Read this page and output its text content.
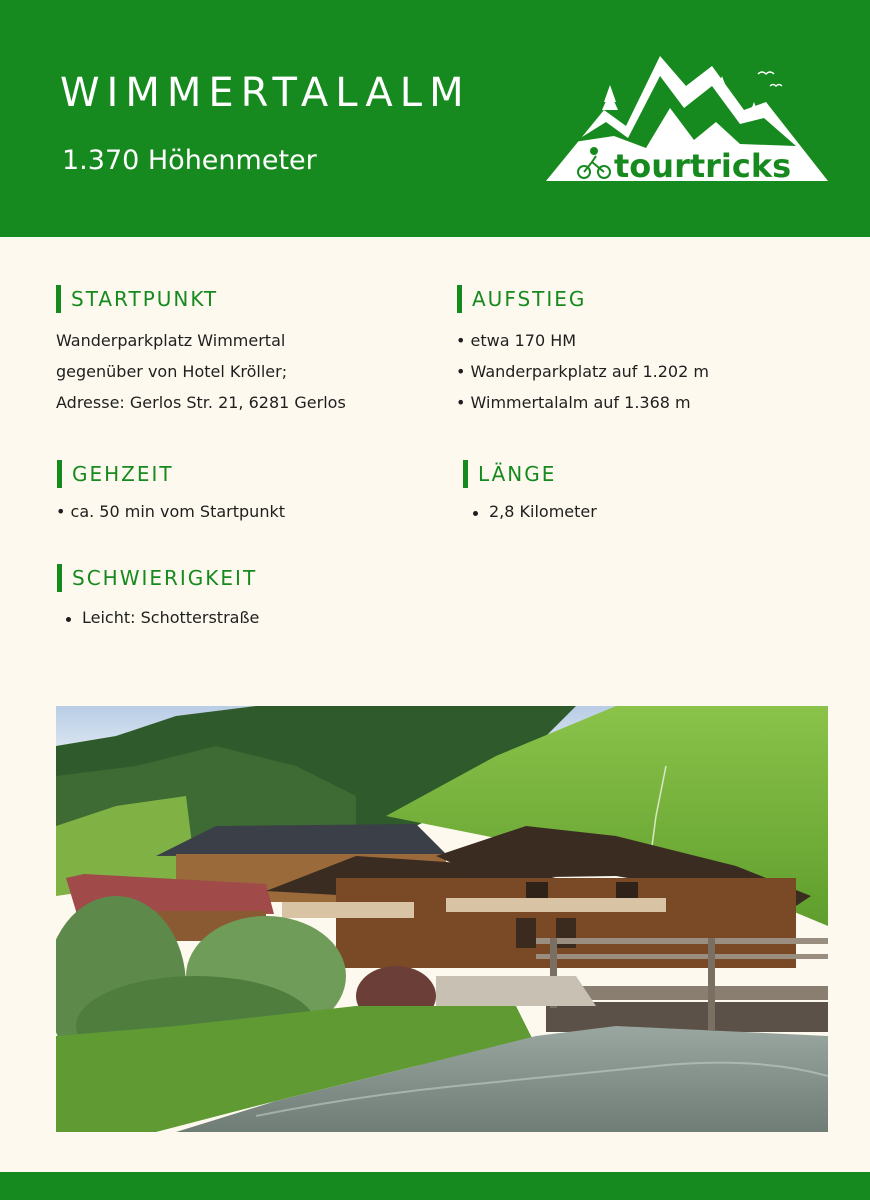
WIMMERTALALM
1.370 Höhenmeter	tourtricks
STARTPUNKT
Wanderparkplatz Wimmertal
gegenüber von Hotel Kröller;
Adresse: Gerlos Str. 21, 6281 Gerlos
AUFSTIEG
• etwa 170 HM
• Wanderparkplatz auf 1.202 m
• Wimmertalalm auf 1.368 m
GEHZEIT
• ca. 50 min vom Startpunkt
LÄNGE
2,8 Kilometer
SCHWIERIGKEIT
Leicht: Schotterstraße
